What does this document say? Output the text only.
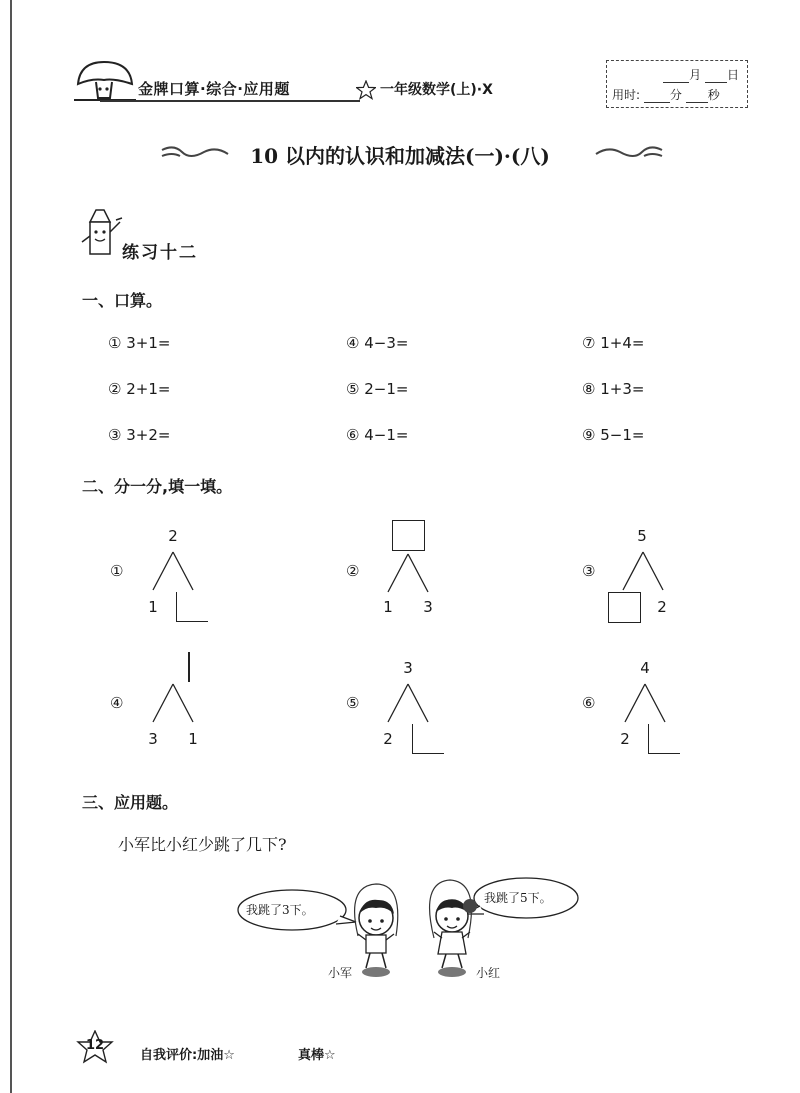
金牌口算·综合·应用题	一年级数学(上)·X
月 日
用时: 分 秒
10 以内的认识和加减法(一)·(八)
练习十二
一、口算。
① 3+1=
② 2+1=
③ 3+2=
④ 4−3=
⑤ 2−1=
⑥ 4−1=
⑦ 1+4=
⑧ 1+3=
⑨ 5−1=
二、分一分,填一填。
①
2
1
②
1	3
③
5
2
④
3	1
⑤
3
2
⑥
4
2
三、应用题。
小军比小红少跳了几下?
我跳了3下。
我跳了5下。
小军	小红
12
自我评价:加油☆	真棒☆
